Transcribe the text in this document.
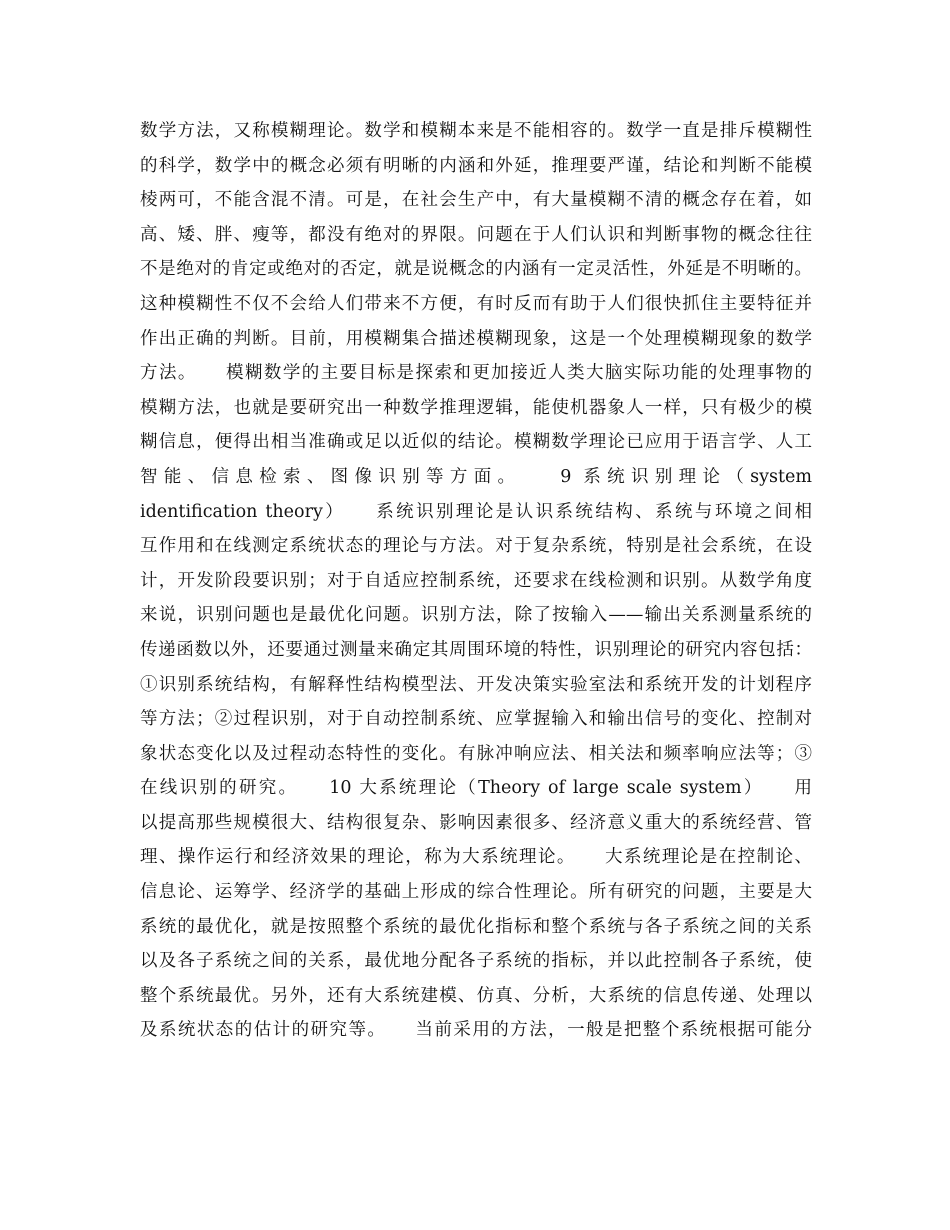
数学方法，又称模糊理论。数学和模糊本来是不能相容的。数学一直是排斥模糊性
的科学，数学中的概念必须有明晰的内涵和外延，推理要严谨，结论和判断不能模
棱两可，不能含混不清。可是，在社会生产中，有大量模糊不清的概念存在着，如
高、矮、胖、瘦等，都没有绝对的界限。问题在于人们认识和判断事物的概念往往
不是绝对的肯定或绝对的否定，就是说概念的内涵有一定灵活性，外延是不明晰的。
这种模糊性不仅不会给人们带来不方便，有时反而有助于人们很快抓住主要特征并
作出正确的判断。目前，用模糊集合描述模糊现象，这是一个处理模糊现象的数学
方法。　　模糊数学的主要目标是探索和更加接近人类大脑实际功能的处理事物的
模糊方法，也就是要研究出一种数学推理逻辑，能使机器象人一样，只有极少的模
糊信息，便得出相当准确或足以近似的结论。模糊数学理论已应用于语言学、人工
智能、信息检索、图像识别等方面。　　9 系统识别理论（system
identification theory）　　系统识别理论是认识系统结构、系统与环境之间相
互作用和在线测定系统状态的理论与方法。对于复杂系统，特别是社会系统，在设
计，开发阶段要识别；对于自适应控制系统，还要求在线检测和识别。从数学角度
来说，识别问题也是最优化问题。识别方法，除了按输入——输出关系测量系统的
传递函数以外，还要通过测量来确定其周围环境的特性，识别理论的研究内容包括：
①识别系统结构，有解释性结构模型法、开发决策实验室法和系统开发的计划程序
等方法；②过程识别，对于自动控制系统、应掌握输入和输出信号的变化、控制对
象状态变化以及过程动态特性的变化。有脉冲响应法、相关法和频率响应法等；③
在线识别的研究。　　10 大系统理论（Theory of large scale system）　　用
以提高那些规模很大、结构很复杂、影响因素很多、经济意义重大的系统经营、管
理、操作运行和经济效果的理论，称为大系统理论。　　大系统理论是在控制论、
信息论、运筹学、经济学的基础上形成的综合性理论。所有研究的问题，主要是大
系统的最优化，就是按照整个系统的最优化指标和整个系统与各子系统之间的关系
以及各子系统之间的关系，最优地分配各子系统的指标，并以此控制各子系统，使
整个系统最优。另外，还有大系统建模、仿真、分析，大系统的信息传递、处理以
及系统状态的估计的研究等。　　当前采用的方法，一般是把整个系统根据可能分
